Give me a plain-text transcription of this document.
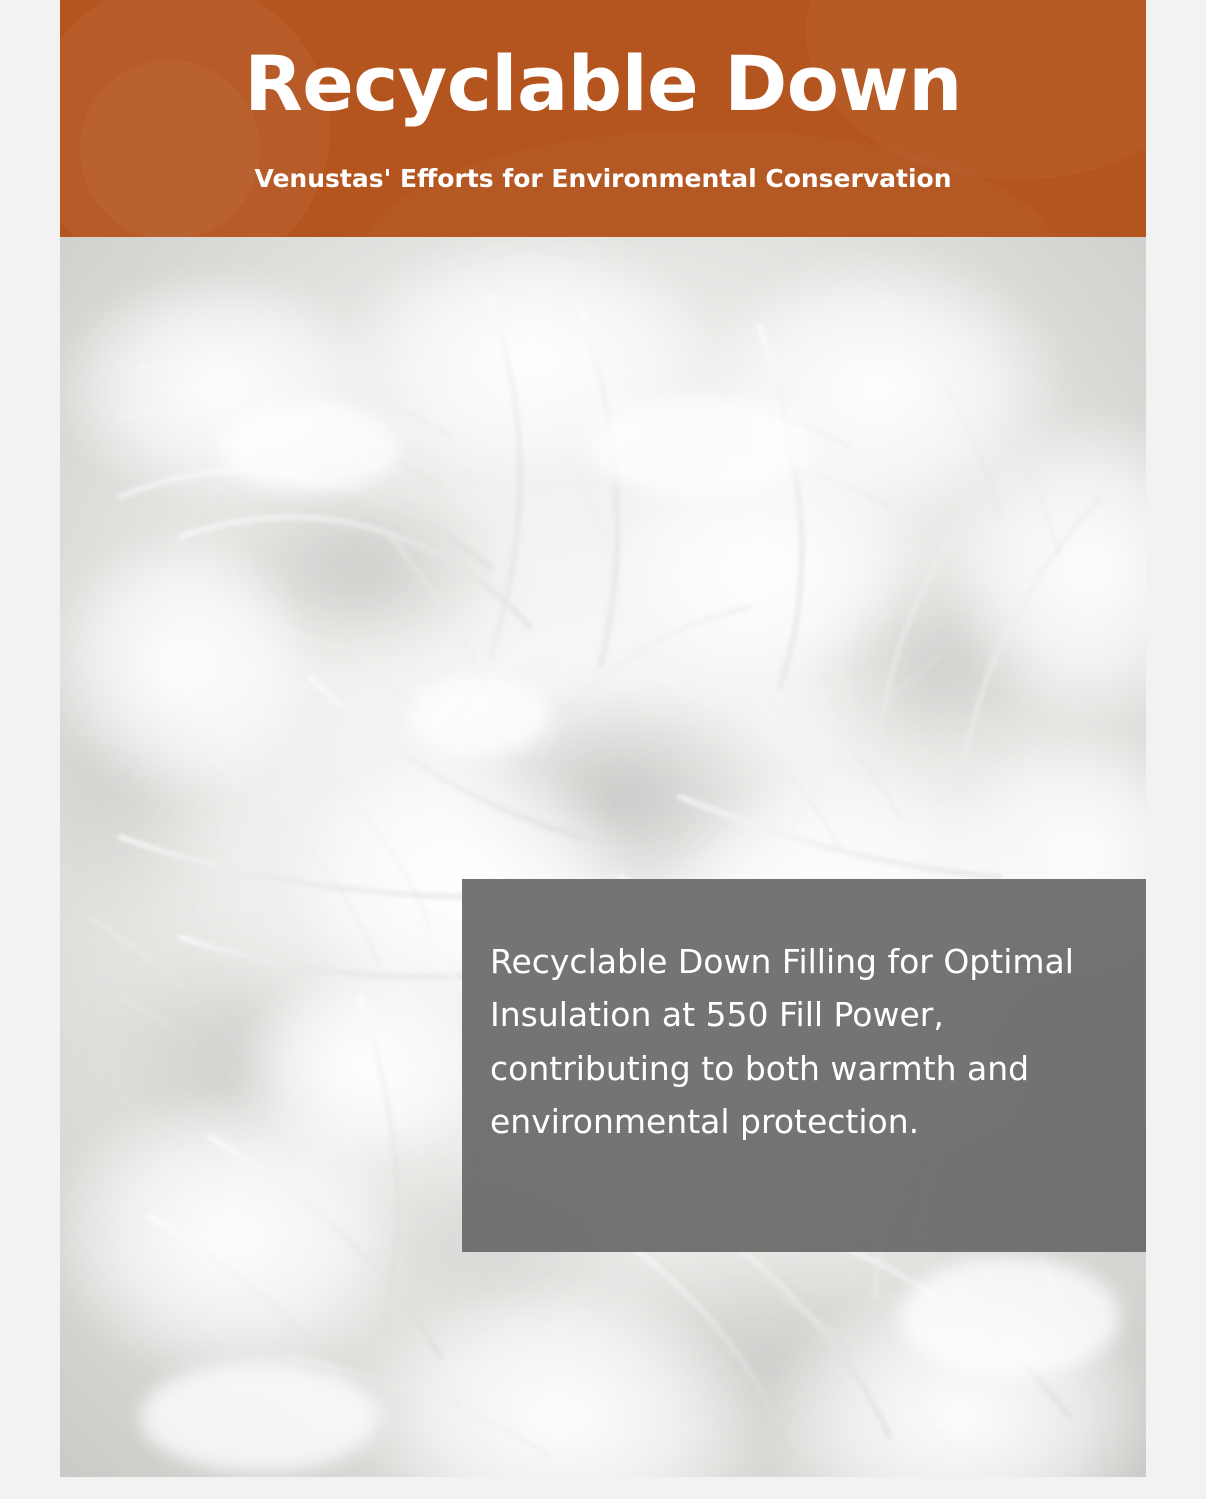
Recyclable Down
Venustas' Efforts for Environmental Conservation
Recyclable Down Filling for Optimal Insulation at 550 Fill Power, contributing to both warmth and environmental protection.
